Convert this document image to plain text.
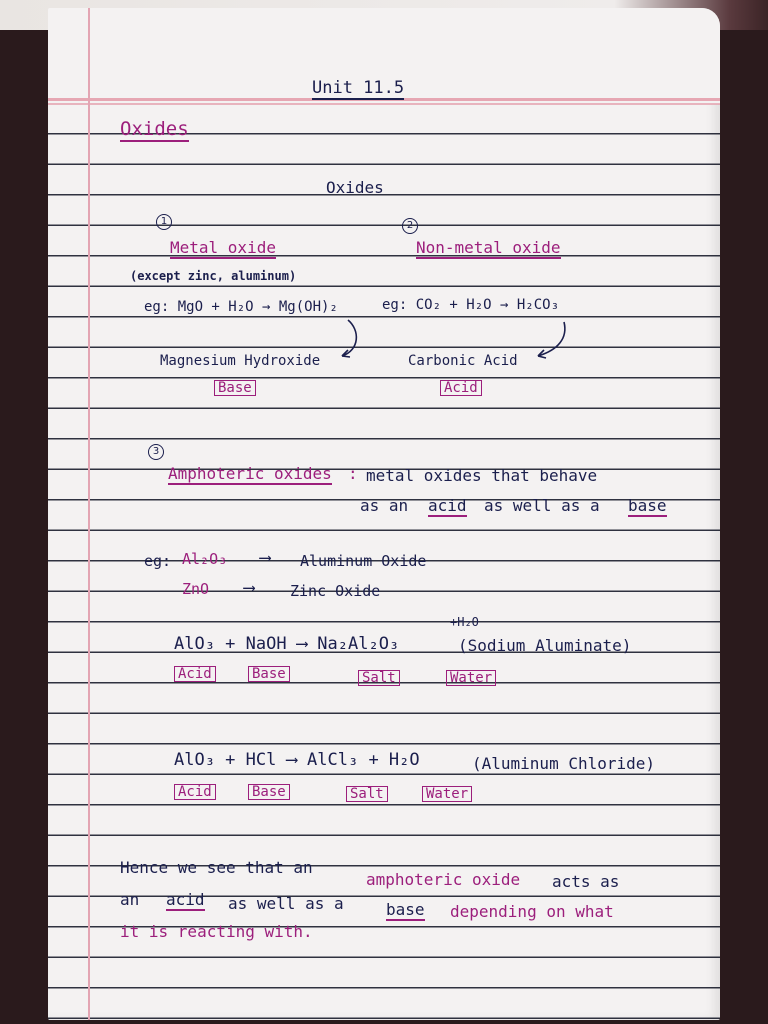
Unit 11.5
Oxides
Oxides
1
Metal oxide
(except zinc, aluminum)
eg: MgO + H₂O → Mg(OH)₂
Magnesium Hydroxide
Base
2
Non-metal oxide
eg: CO₂ + H₂O → H₂CO₃
Carbonic Acid
Acid
3
Amphoteric oxides : metal oxides that behave
as an acid as well as a base
eg: Al₂O₃ ⟶ Aluminum Oxide
ZnO ⟶ Zinc Oxide
+H₂O
AlO₃ + NaOH ⟶ Na₂Al₂O₃	(Sodium Aluminate)
Acid	Base	Salt	Water
AlO₃ + HCl ⟶ AlCl₃ + H₂O	(Aluminum Chloride)
Acid	Base	Salt	Water
Hence we see that an
amphoteric oxide acts as
an acid as well as a	base depending on what
it is reacting with.
